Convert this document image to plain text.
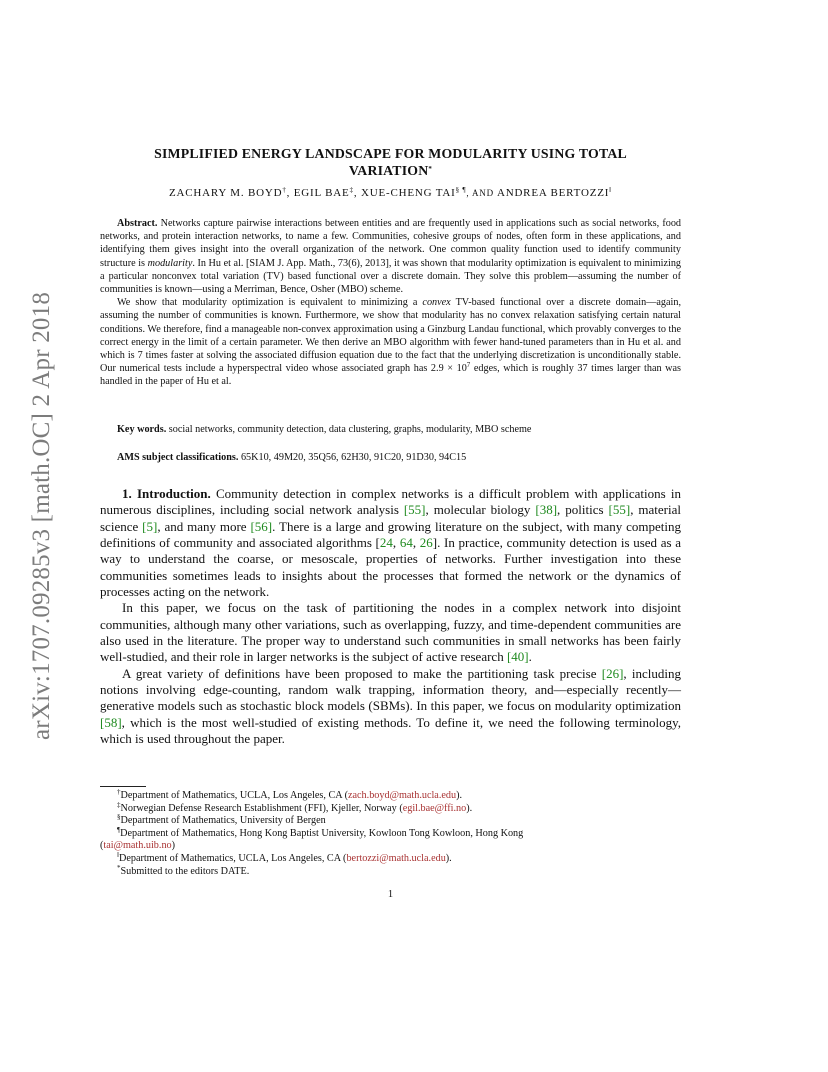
arXiv:1707.09285v3 [math.OC] 2 Apr 2018
SIMPLIFIED ENERGY LANDSCAPE FOR MODULARITY USING TOTAL
VARIATION*
ZACHARY M. BOYD†, EGIL BAE‡, XUE-CHENG TAI§ ¶, AND ANDREA BERTOZZI‖

Abstract. Networks capture pairwise interactions between entities and are frequently used in applications such as social networks, food networks, and protein interaction networks, to name a few. Communities, cohesive groups of nodes, often form in these applications, and identifying them gives insight into the overall organization of the network. One common quality function used to identify community structure is modularity. In Hu et al. [SIAM J. App. Math., 73(6), 2013], it was shown that modularity optimization is equivalent to minimizing a particular nonconvex total variation (TV) based functional over a discrete domain. They solve this problem—assuming the number of communities is known—using a Merriman, Bence, Osher (MBO) scheme.

We show that modularity optimization is equivalent to minimizing a convex TV-based functional over a discrete domain—again, assuming the number of communities is known. Furthermore, we show that modularity has no convex relaxation satisfying certain natural conditions. We therefore, find a manageable non-convex approximation using a Ginzburg Landau functional, which provably converges to the correct energy in the limit of a certain parameter. We then derive an MBO algorithm with fewer hand-tuned parameters than in Hu et al. and which is 7 times faster at solving the associated diffusion equation due to the fact that the underlying discretization is unconditionally stable. Our numerical tests include a hyperspectral video whose associated graph has $2.9 \times 10^7$ edges, which is roughly 37 times larger than was handled in the paper of Hu et al.

Key words. social networks, community detection, data clustering, graphs, modularity, MBO scheme
AMS subject classifications. 65K10, 49M20, 35Q56, 62H30, 91C20, 91D30, 94C15

1. Introduction. Community detection in complex networks is a difficult problem with applications in numerous disciplines, including social network analysis [55], molecular biology [38], politics [55], material science [5], and many more [56]. There is a large and growing literature on the subject, with many competing definitions of community and associated algorithms [24, 64, 26]. In practice, community detection is used as a way to understand the coarse, or mesoscale, properties of networks. Further investigation into these communities sometimes leads to insights about the processes that formed the network or the dynamics of processes acting on the network.

In this paper, we focus on the task of partitioning the nodes in a complex network into disjoint communities, although many other variations, such as overlapping, fuzzy, and time-dependent communities are also used in the literature. The proper way to understand such communities in small networks has been fairly well-studied, and their role in larger networks is the subject of active research [40].

A great variety of definitions have been proposed to make the partitioning task precise [26], including notions involving edge-counting, random walk trapping, information theory, and—especially recently—generative models such as stochastic block models (SBMs). In this paper, we focus on modularity optimization [58], which is the most well-studied of existing methods. To define it, we need the following terminology, which is used throughout the paper.

†Department of Mathematics, UCLA, Los Angeles, CA (zach.boyd@math.ucla.edu).
‡Norwegian Defense Research Establishment (FFI), Kjeller, Norway (egil.bae@ffi.no).
§Department of Mathematics, University of Bergen
¶Department of Mathematics, Hong Kong Baptist University, Kowloon Tong Kowloon, Hong Kong
(tai@math.uib.no)
‖Department of Mathematics, UCLA, Los Angeles, CA (bertozzi@math.ucla.edu).
*Submitted to the editors DATE.
1
